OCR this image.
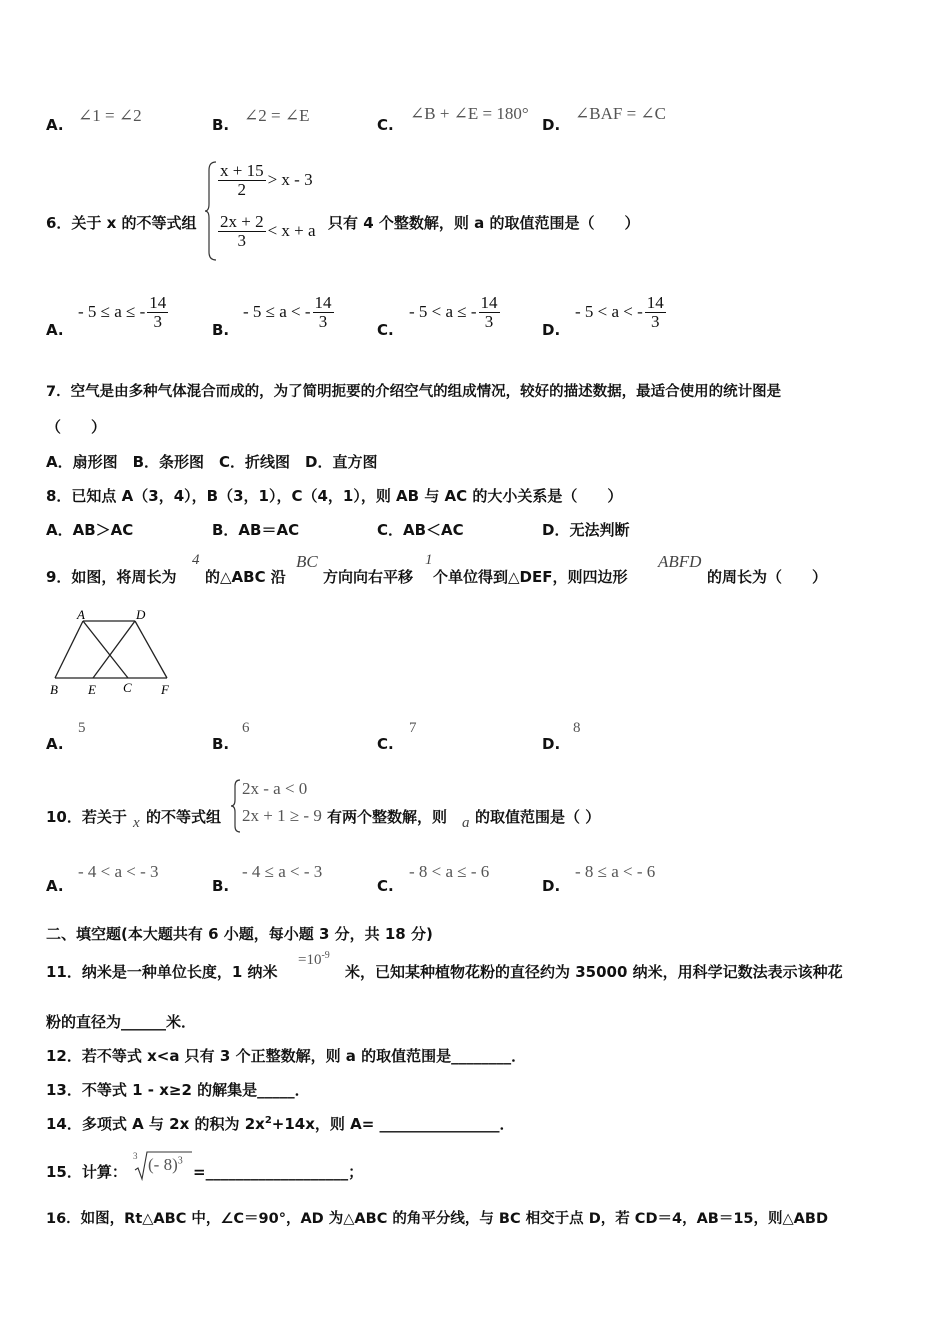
A. ∠1 = ∠2	B. ∠2 = ∠E	C.
∠B + ∠E = 180°
D.
∠BAF = ∠C
6．关于 x 的不等式组
$\frac{x + 15}{2} > x - 3$
$\frac{2x + 2}{3} < x + a$ 只有 4 个整数解，则 a 的取值范围是（　　）
A.
- 5 ≤ a ≤ - $\frac{14}{3}$	B.
- 5 ≤ a < - $\frac{14}{3}$	C.
- 5 < a ≤ - $\frac{14}{3}$	D.
- 5 < a < - $\frac{14}{3}$
7．空气是由多种气体混合而成的，为了简明扼要的介绍空气的组成情况，较好的描述数据，最适合使用的统计图是
（　　）
A．扇形图　B．条形图　C．折线图　D．直方图
8．已知点 A（3，4），B（3，1），C（4，1），则 AB 与 AC 的大小关系是（　　）
A．AB＞AC	B．AB＝AC	C．AB＜AC	D．无法判断
9．如图，将周长为
4
的△ABC 沿
BC
方向向右平移
1
个单位得到△DEF，则四边形
ABFD
的周长为（　　）
A	D
B E C F
A.
5
B.
6
C.
7
D.
8
10．若关于 x 的不等式组
2x - a < 0
2x + 1 ≥ - 9 有两个整数解，则 a 的取值范围是（ ）
A.
- 4 < a < - 3
B.
- 4 ≤ a < - 3
C.
- 8 < a ≤ - 6
D.
- 8 ≤ a < - 6
二、填空题(本大题共有 6 小题，每小题 3 分，共 18 分)
11．纳米是一种单位长度，1 纳米
$=10^{-9}$
米，已知某种植物花粉的直径约为 35000 纳米，用科学记数法表示该种花
粉的直径为______米．
12．若不等式 x<a 只有 3 个正整数解，则 a 的取值范围是________．
13．不等式 1 - x≥2 的解集是_____．
14．多项式 A 与 2x 的积为 $2x^2+14x$，则 A= ________________．
15．计算：
3 (- 8)$^3$
=___________________；
16．如图，Rt△ABC 中，∠C＝90°，AD 为△ABC 的角平分线，与 BC 相交于点 D，若 CD＝4，AB＝15，则△ABD
